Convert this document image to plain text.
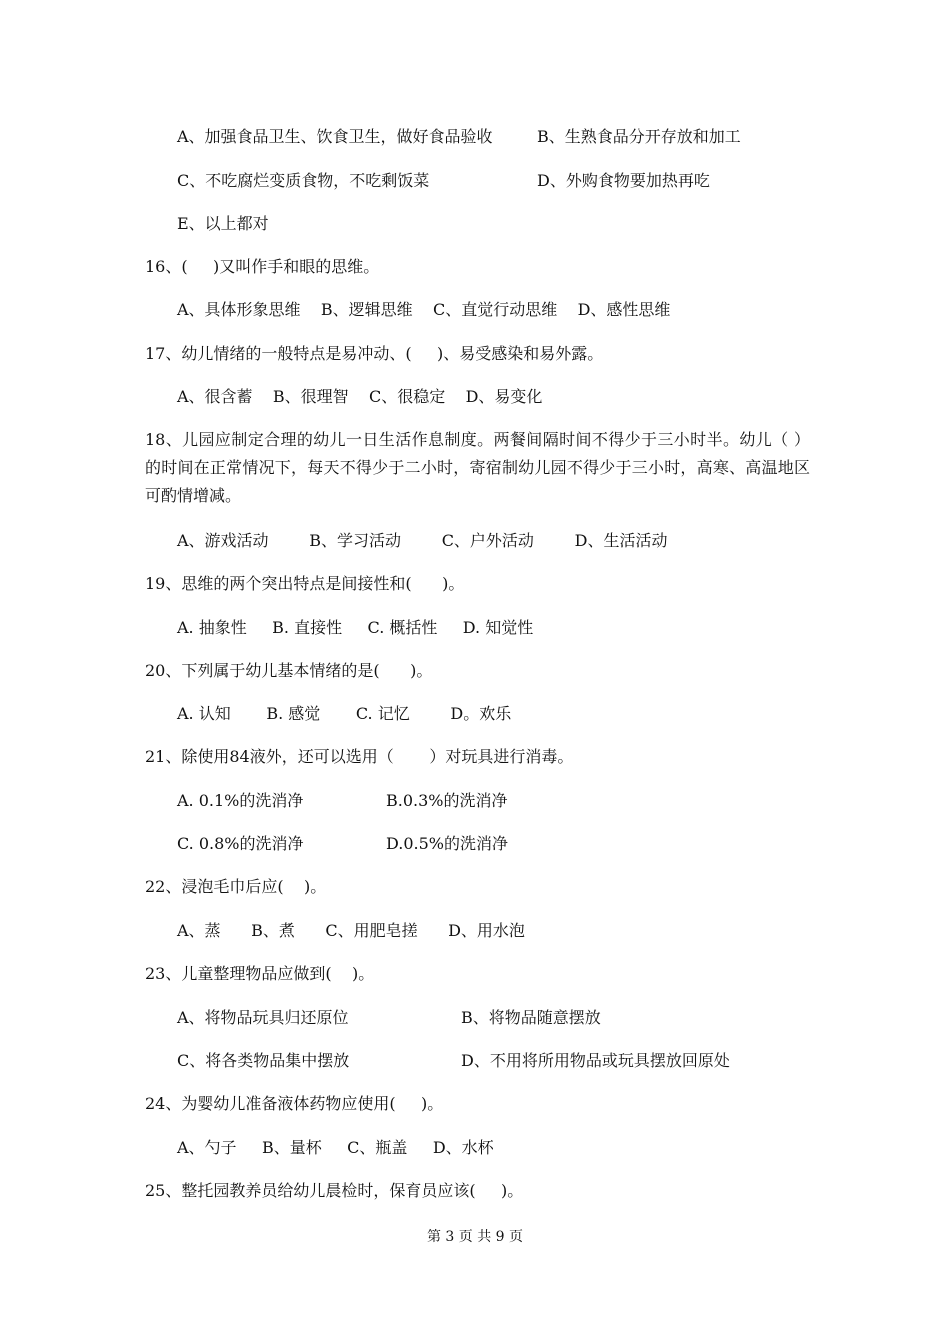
A、加强食品卫生、饮食卫生，做好食品验收	B、生熟食品分开存放和加工
C、不吃腐烂变质食物，不吃剩饭菜	D、外购食物要加热再吃
E、以上都对
16、(     )又叫作手和眼的思维。
A、具体形象思维    B、逻辑思维    C、直觉行动思维    D、感性思维
17、幼儿情绪的一般特点是易冲动、(     )、易受感染和易外露。
A、很含蓄    B、很理智    C、很稳定    D、易变化
18、儿园应制定合理的幼儿一日生活作息制度。两餐间隔时间不得少于三小时半。幼儿（ ）的时间在正常情况下，每天不得少于二小时，寄宿制幼儿园不得少于三小时，高寒、高温地区可酌情增减。
A、游戏活动        B、学习活动        C、户外活动        D、生活活动
19、思维的两个突出特点是间接性和(      )。
A. 抽象性     B. 直接性     C. 概括性     D. 知觉性
20、下列属于幼儿基本情绪的是(      )。
A. 认知       B. 感觉       C. 记忆        D。欢乐
21、除使用84液外，还可以选用（       ）对玩具进行消毒。
A. 0.1%的洗消净	B.0.3%的洗消净
C. 0.8%的洗消净	D.0.5%的洗消净
22、浸泡毛巾后应(    )。
A、蒸      B、煮      C、用肥皂搓      D、用水泡
23、儿童整理物品应做到(    )。
A、将物品玩具归还原位	B、将物品随意摆放
C、将各类物品集中摆放	D、不用将所用物品或玩具摆放回原处
24、为婴幼儿准备液体药物应使用(     )。
A、勺子     B、量杯     C、瓶盖     D、水杯
25、整托园教养员给幼儿晨检时，保育员应该(     )。
第 3 页 共 9 页
